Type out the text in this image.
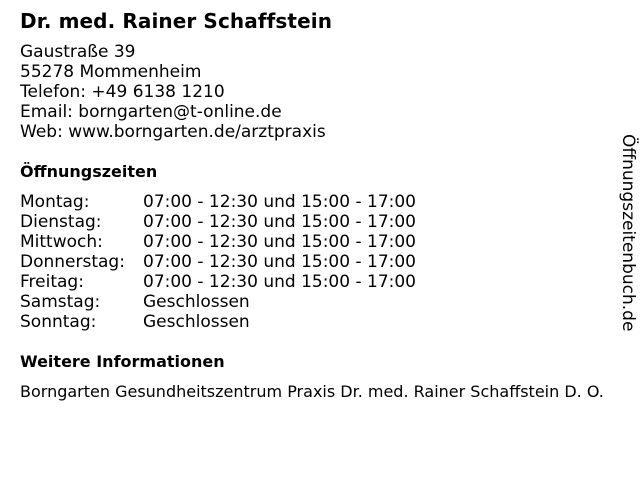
Dr. med. Rainer Schaffstein
Gaustraße 39
55278 Mommenheim
Telefon: +49 6138 1210
Email: borngarten@t-online.de
Web: www.borngarten.de/arztpraxis
Öffnungszeiten
Montag:	07:00 - 12:30 und 15:00 - 17:00
Dienstag:	07:00 - 12:30 und 15:00 - 17:00
Mittwoch:	07:00 - 12:30 und 15:00 - 17:00
Donnerstag:	07:00 - 12:30 und 15:00 - 17:00
Freitag:	07:00 - 12:30 und 15:00 - 17:00
Samstag:	Geschlossen
Sonntag:	Geschlossen
Weitere Informationen
Borngarten Gesundheitszentrum Praxis Dr. med. Rainer Schaffstein D. O.
Öffnungszeitenbuch.de
